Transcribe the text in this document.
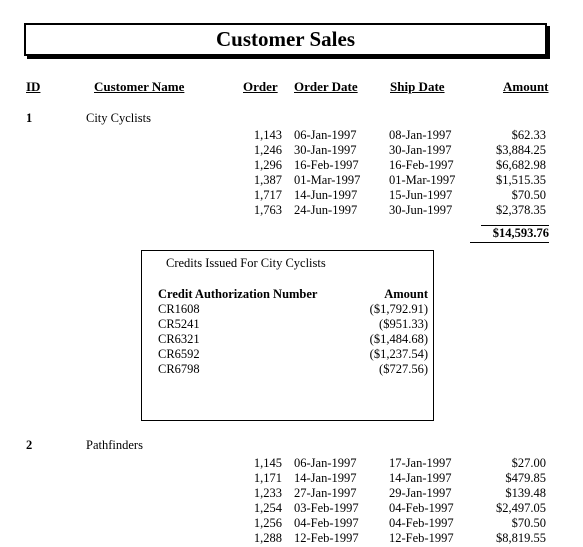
Customer Sales
ID	Customer Name	Order Order Date Ship Date	Amount
1	City Cyclists
1,143 06-Jan-1997	08-Jan-1997	$62.33
1,246 30-Jan-1997	30-Jan-1997	$3,884.25
1,296 16-Feb-1997 16-Feb-1997	$6,682.98
1,387 01-Mar-1997 01-Mar-1997	$1,515.35
1,717 14-Jun-1997	15-Jun-1997	$70.50
1,763 24-Jun-1997	30-Jun-1997	$2,378.35
$14,593.76
Credits Issued For City Cyclists
Credit Authorization Number	Amount
CR1608	($1,792.91)
CR5241	($951.33)
CR6321	($1,484.68)
CR6592	($1,237.54)
CR6798	($727.56)
2	Pathfinders
1,145 06-Jan-1997	17-Jan-1997	$27.00
1,171 14-Jan-1997	14-Jan-1997	$479.85
1,233 27-Jan-1997	29-Jan-1997	$139.48
1,254 03-Feb-1997 04-Feb-1997	$2,497.05
1,256 04-Feb-1997 04-Feb-1997	$70.50
1,288 12-Feb-1997 12-Feb-1997	$8,819.55
